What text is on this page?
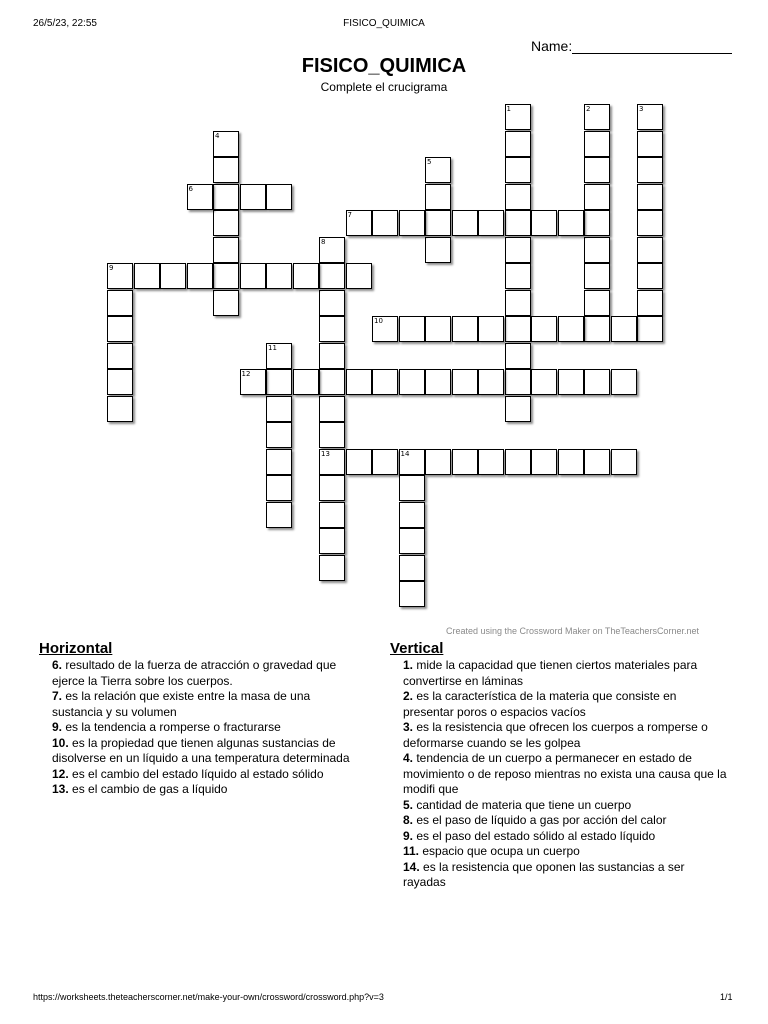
26/5/23, 22:55	FISICO_QUIMICA
Name:
FISICO_QUIMICA
Complete el crucigrama
1	2	3
4
5
6
7
8
13
9
10
11
12
14
Created using the Crossword Maker on TheTeachersCorner.net
Horizontal

6. resultado de la fuerza de atracción o gravedad que ejerce la Tierra sobre los cuerpos.

7. es la relación que existe entre la masa de una sustancia y su volumen

9. es la tendencia a romperse o fracturarse

10. es la propiedad que tienen algunas sustancias de disolverse en un líquido a una temperatura determinada

12. es el cambio del estado líquido al estado sólido

13. es el cambio de gas a líquido

Vertical

1. mide la capacidad que tienen ciertos materiales para convertirse en láminas

2. es la característica de la materia que consiste en presentar poros o espacios vacíos

3. es la resistencia que ofrecen los cuerpos a romperse o deformarse cuando se les golpea

4. tendencia de un cuerpo a permanecer en estado de movimiento o de reposo mientras no exista una causa que la modifi que

5. cantidad de materia que tiene un cuerpo

8. es el paso de líquido a gas por acción del calor

9. es el paso del estado sólido al estado líquido

11. espacio que ocupa un cuerpo

14. es la resistencia que oponen las sustancias a ser rayadas

https://worksheets.theteacherscorner.net/make-your-own/crossword/crossword.php?v=3	1/1
